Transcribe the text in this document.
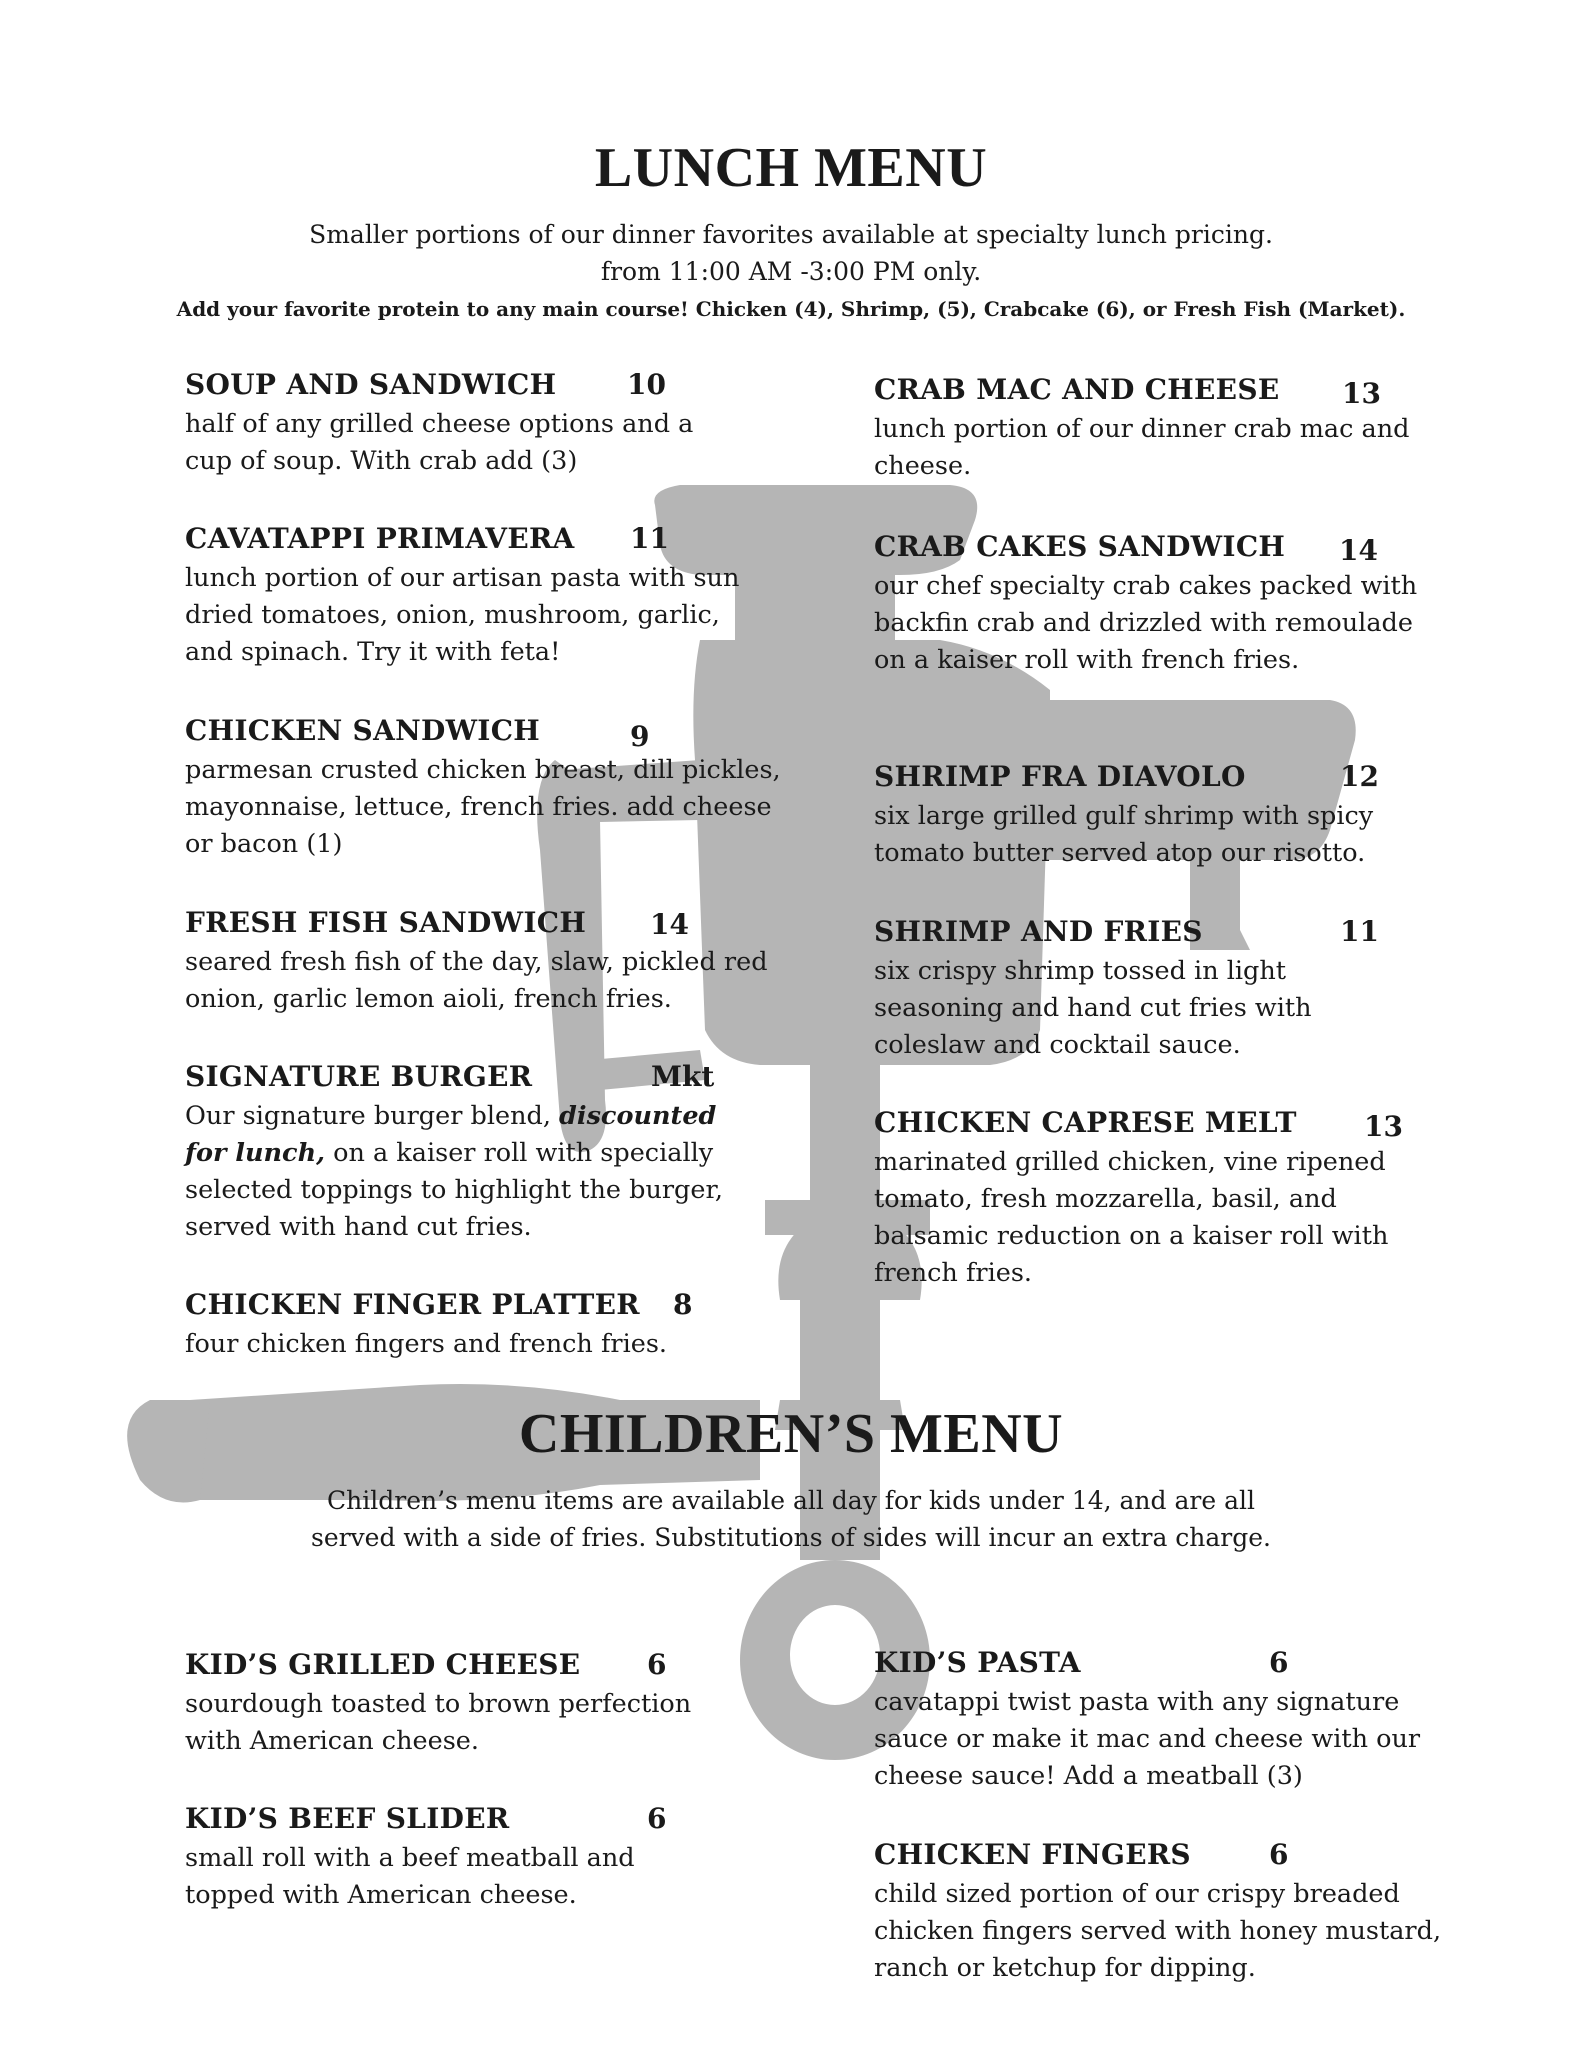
LUNCH MENU
Smaller portions of our dinner favorites available at specialty lunch pricing.
from 11:00 AM -3:00 PM only.
Add your favorite protein to any main course! Chicken (4), Shrimp, (5), Crabcake (6), or Fresh Fish (Market).
SOUP AND SANDWICH	10
half of any grilled cheese options and a cup of soup. With crab add (3)
CAVATAPPI PRIMAVERA 11
lunch portion of our artisan pasta with sun dried tomatoes, onion, mushroom, garlic, and spinach. Try it with feta!
CHICKEN SANDWICH	9
parmesan crusted chicken breast, dill pickles, mayonnaise, lettuce, french fries. add cheese or bacon (1)
FRESH FISH SANDWICH 14
seared fresh fish of the day, slaw, pickled red onion, garlic lemon aioli, french fries.
SIGNATURE BURGER	Mkt
Our signature burger blend, discounted for lunch, on a kaiser roll with specially selected toppings to highlight the burger, served with hand cut fries.
CHICKEN FINGER PLATTER 8
four chicken fingers and french fries.
CRAB MAC AND CHEESE 13
lunch portion of our dinner crab mac and cheese.
CRAB CAKES SANDWICH 14
our chef specialty crab cakes packed with backfin crab and drizzled with remoulade on a kaiser roll with french fries.
SHRIMP FRA DIAVOLO	12
six large grilled gulf shrimp with spicy tomato butter served atop our risotto.
SHRIMP AND FRIES	11
six crispy shrimp tossed in light seasoning and hand cut fries with coleslaw and cocktail sauce.
CHICKEN CAPRESE MELT 13
marinated grilled chicken, vine ripened tomato, fresh mozzarella, basil, and balsamic reduction on a kaiser roll with french fries.
CHILDREN’S MENU
Children’s menu items are available all day for kids under 14, and are all
served with a side of fries. Substitutions of sides will incur an extra charge.
KID’S GRILLED CHEESE 6
sourdough toasted to brown perfection with American cheese.
KID’S BEEF SLIDER	6
small roll with a beef meatball and topped with American cheese.
KID’S PASTA	6
cavatappi twist pasta with any signature sauce or make it mac and cheese with our cheese sauce! Add a meatball (3)
CHICKEN FINGERS	6
child sized portion of our crispy breaded chicken fingers served with honey mustard, ranch or ketchup for dipping.
